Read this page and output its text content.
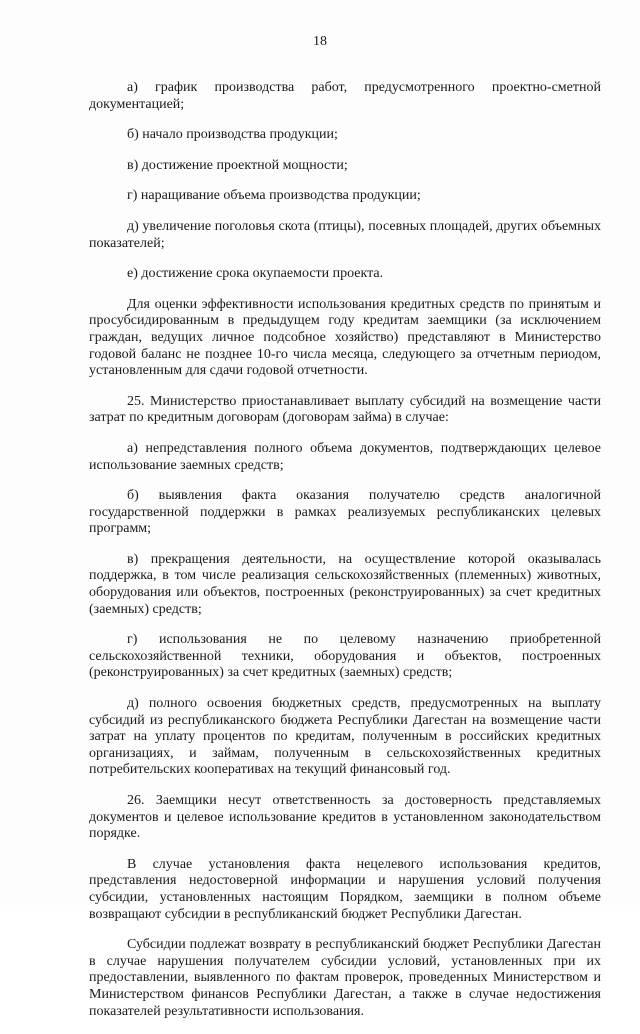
18

а) график производства работ, предусмотренного проектно-сметной документацией;

б) начало производства продукции;

в) достижение проектной мощности;

г) наращивание объема производства продукции;

д) увеличение поголовья скота (птицы), посевных площадей, других объемных показателей;

е) достижение срока окупаемости проекта.

Для оценки эффективности использования кредитных средств по принятым и просубсидированным в предыдущем году кредитам заемщики (за исключением граждан, ведущих личное подсобное хозяйство) представляют в Министерство годовой баланс не позднее 10-го числа месяца, следующего за отчетным периодом, установленным для сдачи годовой отчетности.

25. Министерство приостанавливает выплату субсидий на возмещение части затрат по кредитным договорам (договорам займа) в случае:

а) непредставления полного объема документов, подтверждающих целевое использование заемных средств;

б) выявления факта оказания получателю средств аналогичной государственной поддержки в рамках реализуемых республиканских целевых программ;

в) прекращения деятельности, на осуществление которой оказывалась поддержка, в том числе реализация сельскохозяйственных (племенных) животных, оборудования или объектов, построенных (реконструированных) за счет кредитных (заемных) средств;

г) использования не по целевому назначению приобретенной сельскохозяйственной техники, оборудования и объектов, построенных (реконструированных) за счет кредитных (заемных) средств;

д) полного освоения бюджетных средств, предусмотренных на выплату субсидий из республиканского бюджета Республики Дагестан на возмещение части затрат на уплату процентов по кредитам, полученным в российских кредитных организациях, и займам, полученным в сельскохозяйственных кредитных потребительских кооперативах на текущий финансовый год.

26. Заемщики несут ответственность за достоверность представляемых документов и целевое использование кредитов в установленном законодательством порядке.

В случае установления факта нецелевого использования кредитов, представления недостоверной информации и нарушения условий получения субсидии, установленных настоящим Порядком, заемщики в полном объеме возвращают субсидии в республиканский бюджет Республики Дагестан.

Субсидии подлежат возврату в республиканский бюджет Республики Дагестан в случае нарушения получателем субсидии условий, установленных при их предоставлении, выявленного по фактам проверок, проведенных Министерством и Министерством финансов Республики Дагестан, а также в случае недостижения показателей результативности использования.
